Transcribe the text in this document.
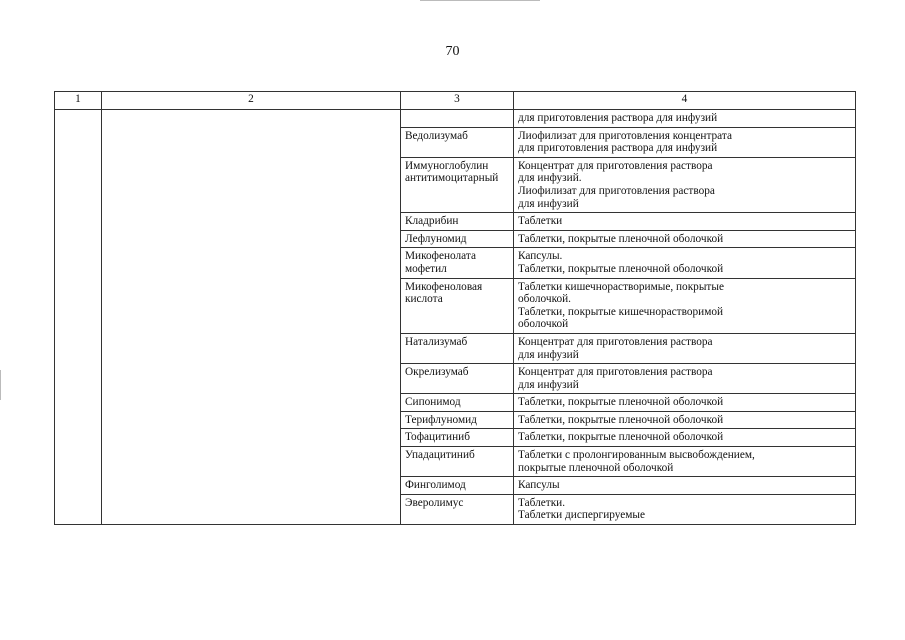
70
1	2	3	4

			для приготовления раствора для инфузий

		Ведолизумаб	Лиофилизат для приготовления концентрата
для приготовления раствора для инфузий

		Иммуноглобулин антитимоцитарный	Концентрат для приготовления раствора
для инфузий.
Лиофилизат для приготовления раствора
для инфузий

		Кладрибин	Таблетки

		Лефлуномид	Таблетки, покрытые пленочной оболочкой

		Микофенолата мофетил	Капсулы.
Таблетки, покрытые пленочной оболочкой

		Микофеноловая кислота	Таблетки кишечнорастворимые, покрытые
оболочкой.
Таблетки, покрытые кишечнорастворимой
оболочкой

		Натализумаб	Концентрат для приготовления раствора
для инфузий

		Окрелизумаб	Концентрат для приготовления раствора
для инфузий

		Сипонимод	Таблетки, покрытые пленочной оболочкой

		Терифлуномид	Таблетки, покрытые пленочной оболочкой

		Тофацитиниб	Таблетки, покрытые пленочной оболочкой

		Упадацитиниб	Таблетки с пролонгированным высвобождением,
покрытые пленочной оболочкой

		Финголимод	Капсулы

		Эверолимус	Таблетки.
Таблетки диспергируемые
